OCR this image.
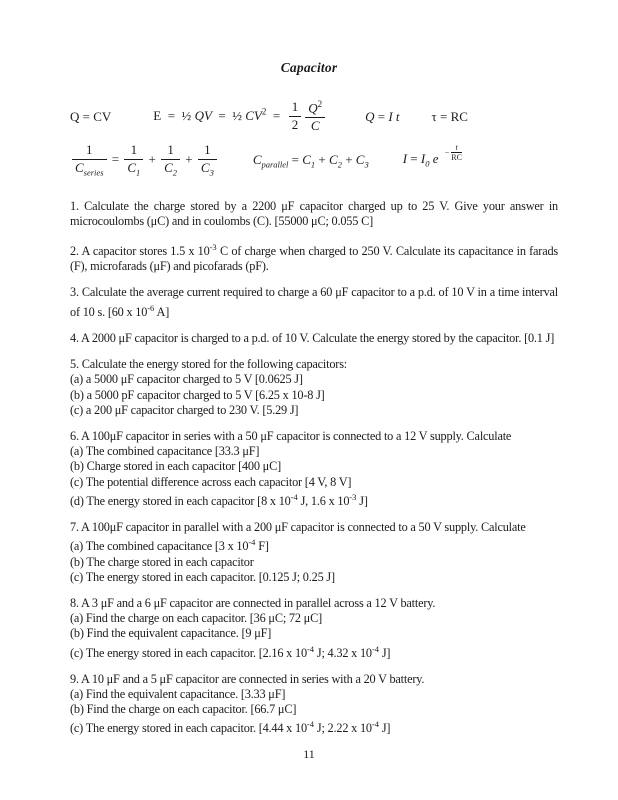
Capacitor
Q = CV	E  =  ½ QV  =  ½ $CV^2 = \frac{1}{2} \frac{Q^2}{C}$	Q = I t τ = RC
$\frac{1}{C_{series}} = \frac{1}{C_1} + \frac{1}{C_2} + \frac{1}{C_3}$	$C_{parallel} = C_1 + C_2 + C_3$	$I = I_0$ $e - \frac{t}{RC}$

1. Calculate the charge stored by a 2200 μF capacitor charged up to 25 V. Give your answer in microcoulombs (μC) and in coulombs (C). [55000 μC; 0.055 C]

2. A capacitor stores 1.5 x $10^{-3}$ C of charge when charged to 250 V. Calculate its capacitance in farads (F), microfarads (μF) and picofarads (pF).

3. Calculate the average current required to charge a 60 μF capacitor to a p.d. of 10 V in a time interval of 10 s. [60 x $10^{-6}$ A]

4. A 2000 μF capacitor is charged to a p.d. of 10 V. Calculate the energy stored by the capacitor. [0.1 J]

5. Calculate the energy stored for the following capacitors:

(a) a 5000 μF capacitor charged to 5 V [0.0625 J]
(b) a 5000 pF capacitor charged to 5 V [6.25 x 10-8 J]
(c) a 200 μF capacitor charged to 230 V. [5.29 J]

6. A 100μF capacitor in series with a 50 μF capacitor is connected to a 12 V supply. Calculate

(a) The combined capacitance [33.3 μF]
(b) Charge stored in each capacitor [400 μC]
(c) The potential difference across each capacitor [4 V, 8 V]
(d) The energy stored in each capacitor [8 x $10^{-4}$ J, 1.6 x $10^{-3}$ J]

7. A 100μF capacitor in parallel with a 200 μF capacitor is connected to a 50 V supply. Calculate

(a) The combined capacitance [3 x $10^{-4}$ F]
(b) The charge stored in each capacitor
(c) The energy stored in each capacitor. [0.125 J; 0.25 J]

8. A 3 μF and a 6 μF capacitor are connected in parallel across a 12 V battery.

(a) Find the charge on each capacitor. [36 μC; 72 μC]
(b) Find the equivalent capacitance. [9 μF]
(c) The energy stored in each capacitor. [2.16 x $10^{-4}$ J; 4.32 x $10^{-4}$ J]

9. A 10 μF and a 5 μF capacitor are connected in series with a 20 V battery.

(a) Find the equivalent capacitance. [3.33 μF]
(b) Find the charge on each capacitor. [66.7 μC]
(c) The energy stored in each capacitor. [4.44 x $10^{-4}$ J; 2.22 x $10^{-4}$ J]
11
